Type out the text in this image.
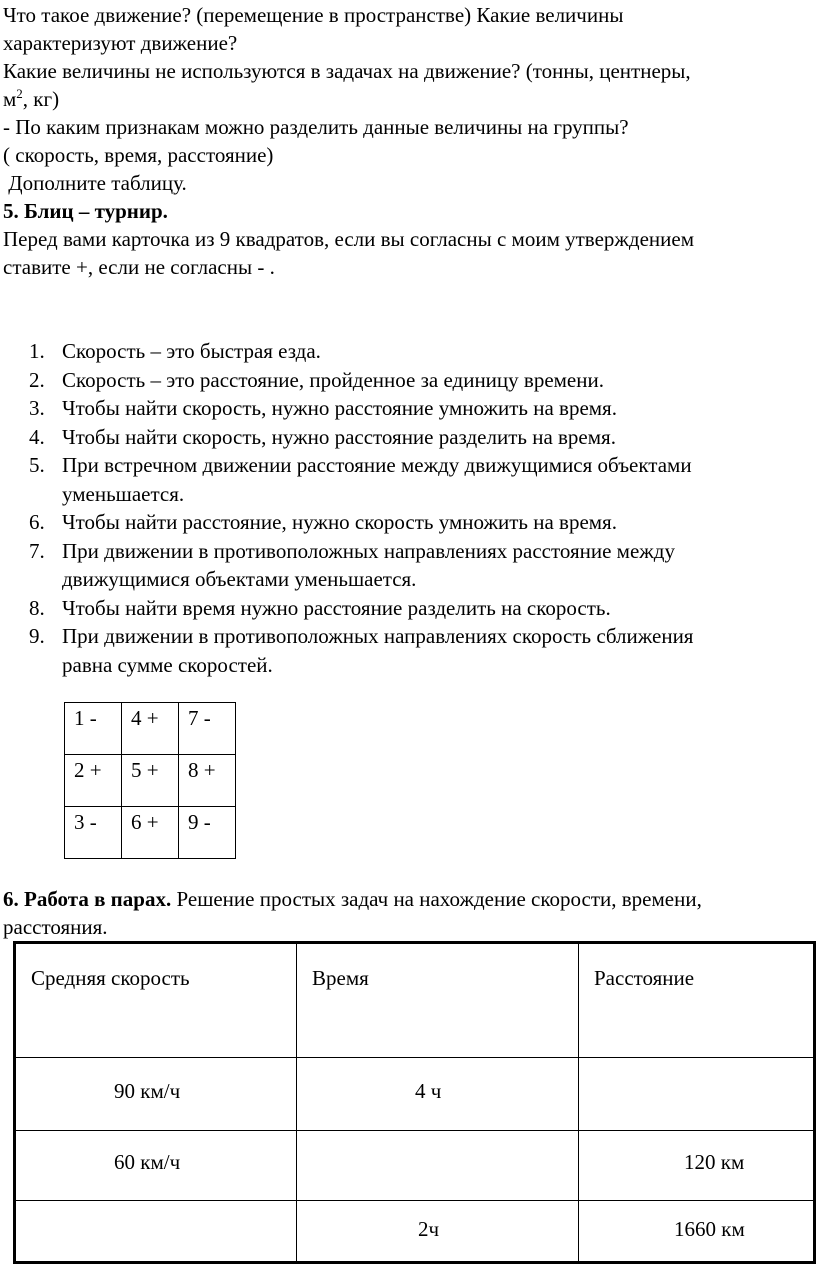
Что такое движение? (перемещение в пространстве) Какие величины
характеризуют движение?
Какие величины не используются в задачах на движение? (тонны, центнеры,
$м^2$, кг)
- По каким признакам можно разделить данные величины на группы?
( скорость, время, расстояние)
Дополните таблицу.
5. Блиц – турнир.
Перед вами карточка из 9 квадратов, если вы согласны с моим утверждением
ставите +, если не согласны - .
1. Скорость – это быстрая езда.
2. Скорость – это расстояние, пройденное за единицу времени.
3. Чтобы найти скорость, нужно расстояние умножить на время.
4. Чтобы найти скорость, нужно расстояние разделить на время.
5. При встречном движении расстояние между движущимися объектами
уменьшается.
6. Чтобы найти расстояние, нужно скорость умножить на время.
7. При движении в противоположных направлениях расстояние между
движущимися объектами уменьшается.
8. Чтобы найти время нужно расстояние разделить на скорость.
9. При движении в противоположных направлениях скорость сближения
равна сумме скоростей.
1 -	4 +	7 -
2 +	5 +	8 +
3 -	6 +	9 -
6. Работа в парах. Решение простых задач на нахождение скорости, времени,
расстояния.
Средняя скорость	Время	Расстояние

90 км/ч	4 ч	

60 км/ч		120 км

	2ч	1660 км
